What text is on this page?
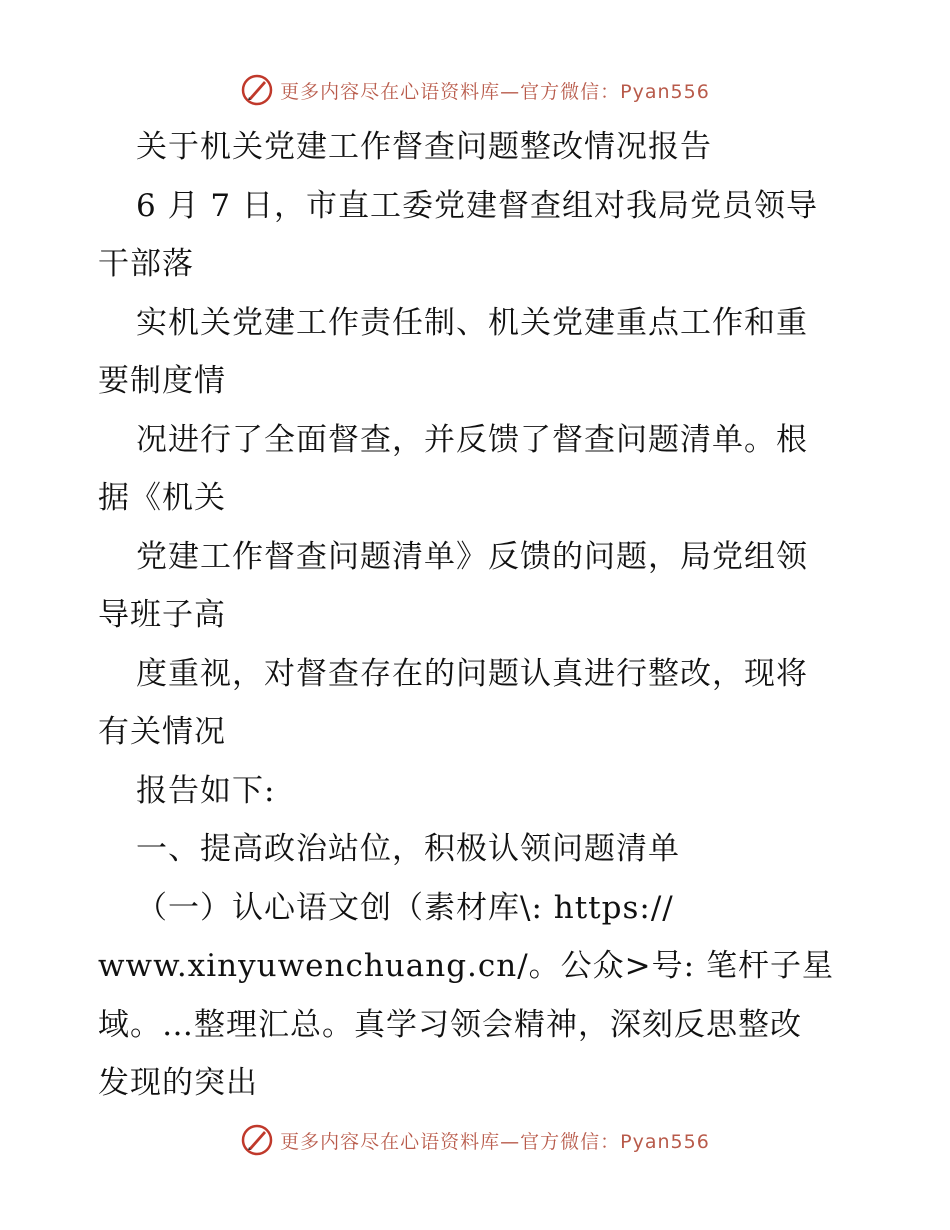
更多内容尽在心语资料库—官方微信：Pyan556
关于机关党建工作督查问题整改情况报告
6 月 7 日，市直工委党建督查组对我局党员领导
干部落
实机关党建工作责任制、机关党建重点工作和重
要制度情
况进行了全面督查，并反馈了督查问题清单。根
据《机关
党建工作督查问题清单》反馈的问题，局党组领
导班子高
度重视，对督查存在的问题认真进行整改，现将
有关情况
报告如下:
一、提高政治站位，积极认领问题清单
（一）认心语文创（素材库\: https://
www.xinyuwenchuang.cn/。公众>号: 笔杆子星
域。…整理汇总。真学习领会精神，深刻反思整改
发现的突出
更多内容尽在心语资料库—官方微信：Pyan556
